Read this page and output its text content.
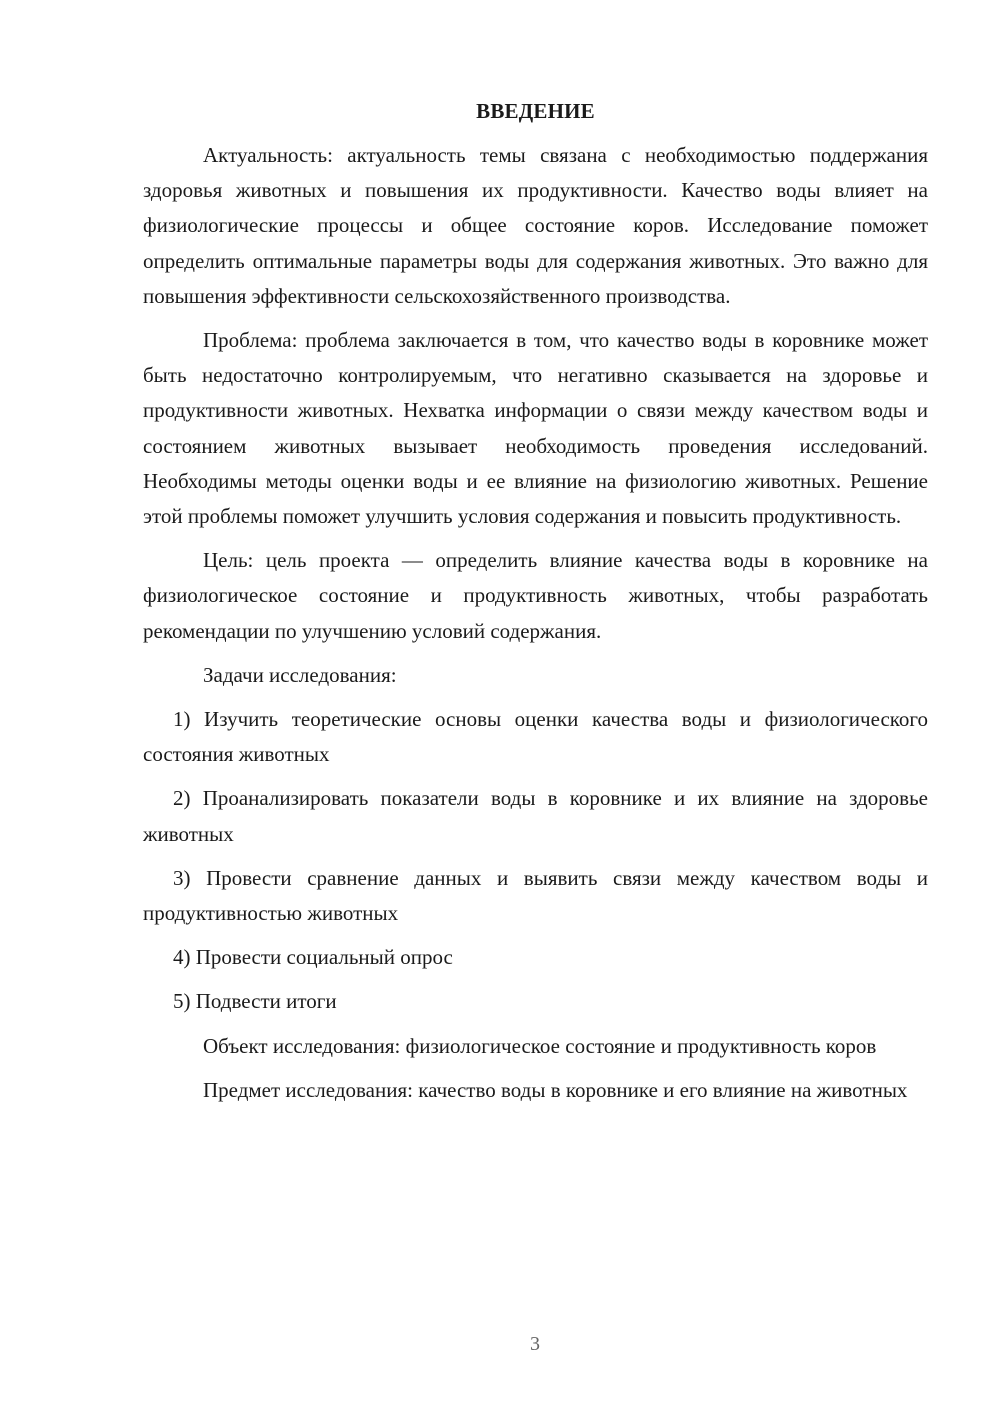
ВВЕДЕНИЕ

Актуальность: актуальность темы связана с необходимостью поддержания здоровья животных и повышения их продуктивности. Качество воды влияет на физиологические процессы и общее состояние коров. Исследование поможет определить оптимальные параметры воды для содержания животных. Это важно для повышения эффективности сельскохозяйственного производства.

Проблема: проблема заключается в том, что качество воды в коровнике может быть недостаточно контролируемым, что негативно сказывается на здоровье и продуктивности животных. Нехватка информации о связи между качеством воды и состоянием животных вызывает необходимость проведения исследований. Необходимы методы оценки воды и ее влияние на физиологию животных. Решение этой проблемы поможет улучшить условия содержания и повысить продуктивность.

Цель: цель проекта — определить влияние качества воды в коровнике на физиологическое состояние и продуктивность животных, чтобы разработать рекомендации по улучшению условий содержания.

Задачи исследования:

1) Изучить теоретические основы оценки качества воды и физиологического состояния животных

2) Проанализировать показатели воды в коровнике и их влияние на здоровье животных

3) Провести сравнение данных и выявить связи между качеством воды и продуктивностью животных

4) Провести социальный опрос

5) Подвести итоги

Объект исследования: физиологическое состояние и продуктивность коров

Предмет исследования: качество воды в коровнике и его влияние на животных

3
